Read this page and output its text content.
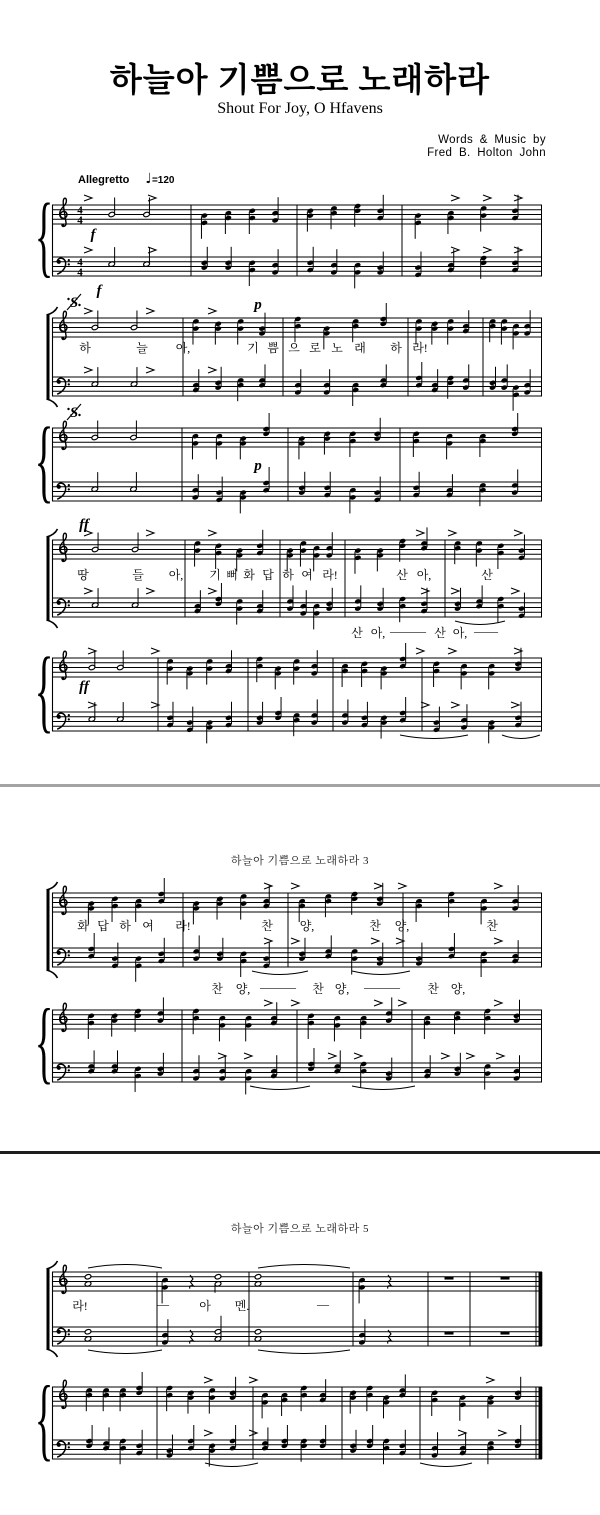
하늘아 기쁨으로 노래하라
Shout For Joy, O Hfavens
Words & Music by
Fred B. Holton John
Allegretto ♩=120
{ 4
4
4
4
S
{ S
{
{
{
하늘아 기쁨으로 노래하라 3
하늘아 기쁨으로 노래하라 5
f
하	늘 아,	기 쁨 으 로 노 래 하 라!
f
p
p
땅	들 아, 기 뻐 화 답 하 여 라!	산 아,	산
산 아, ——— 산 아, ——
ff
ff
화 답 하 여 라!	찬 양,	찬 양,	찬
찬 양, ——— 찬 양, ——— 찬 양,
라!	—	아 멘.	—
